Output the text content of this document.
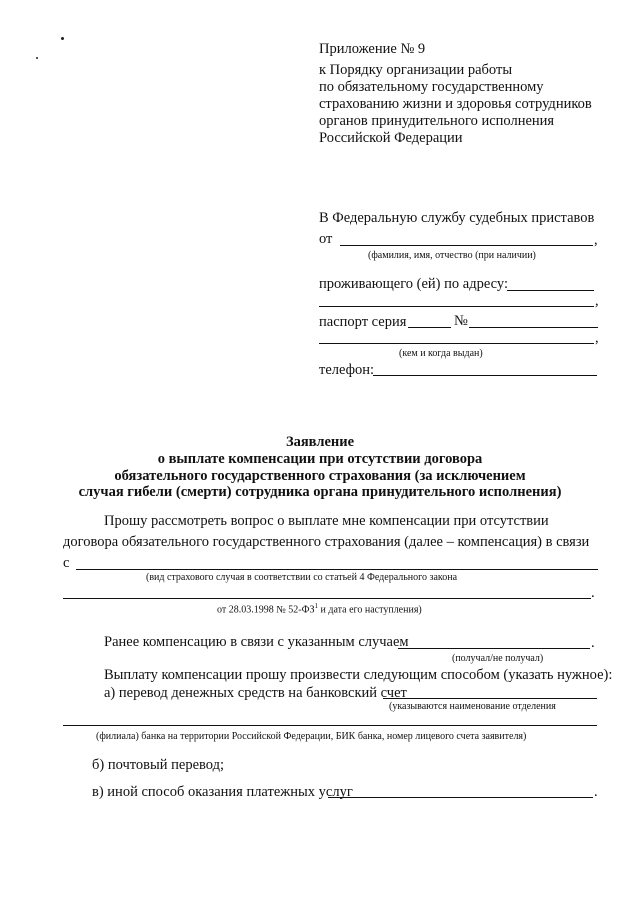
Приложение № 9
к Порядку организации работы
по обязательному государственному
страхованию жизни и здоровья сотрудников
органов принудительного исполнения
Российской Федерации
В Федеральную службу судебных приставов
от	,
(фамилия, имя, отчество (при наличии)
проживающего (ей) по адресу:
,
паспорт серия	№
,
(кем и когда выдан)
телефон:
Заявление
о выплате компенсации при отсутствии договора
обязательного государственного страхования (за исключением
случая гибели (смерти) сотрудника органа принудительного исполнения)
Прошу рассмотреть вопрос о выплате мне компенсации при отсутствии
договора обязательного государственного страхования (далее – компенсация) в связи
с
(вид страхового случая в соответствии со статьей 4 Федерального закона
.
от 28.03.1998 № $52-ФЗ^1$ и дата его наступления)
Ранее компенсацию в связи с указанным случаем	.
(получал/не получал)
Выплату компенсации прошу произвести следующим способом (указать нужное):
а) перевод денежных средств на банковский счет
(указываются наименование отделения
(филиала) банка на территории Российской Федерации, БИК банка, номер лицевого счета заявителя)
б) почтовый перевод;
в) иной способ оказания платежных услуг	.
